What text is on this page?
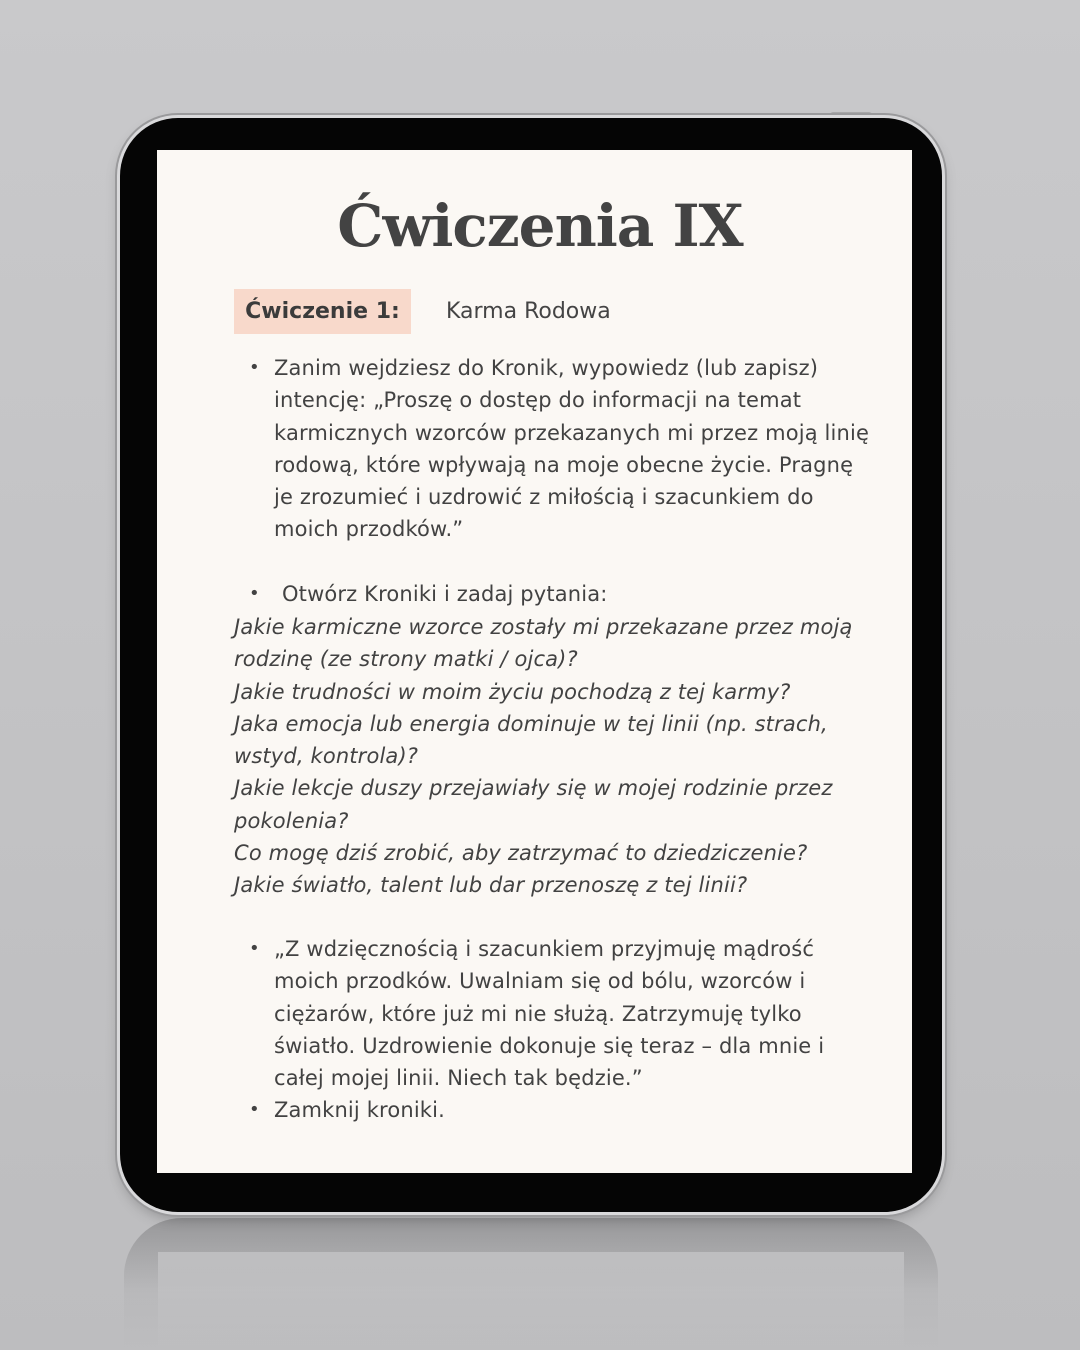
Ćwiczenia IX
Ćwiczenie 1:	Karma Rodowa
• Zanim wejdziesz do Kronik, wypowiedz (lub zapisz) intencję: „Proszę o dostęp do informacji na temat karmicznych wzorców przekazanych mi przez moją linię rodową, które wpływają na moje obecne życie. Pragnę je zrozumieć i uzdrowić z miłością i szacunkiem do moich przodków.”
• Otwórz Kroniki i zadaj pytania:
Jakie karmiczne wzorce zostały mi przekazane przez moją rodzinę (ze strony matki / ojca)?
Jakie trudności w moim życiu pochodzą z tej karmy?
Jaka emocja lub energia dominuje w tej linii (np. strach, wstyd, kontrola)?
Jakie lekcje duszy przejawiały się w mojej rodzinie przez pokolenia?
Co mogę dziś zrobić, aby zatrzymać to dziedziczenie?
Jakie światło, talent lub dar przenoszę z tej linii?
• „Z wdzięcznością i szacunkiem przyjmuję mądrość moich przodków. Uwalniam się od bólu, wzorców i ciężarów, które już mi nie służą. Zatrzymuję tylko światło. Uzdrowienie dokonuje się teraz – dla mnie i całej mojej linii. Niech tak będzie.”
• Zamknij kroniki.
